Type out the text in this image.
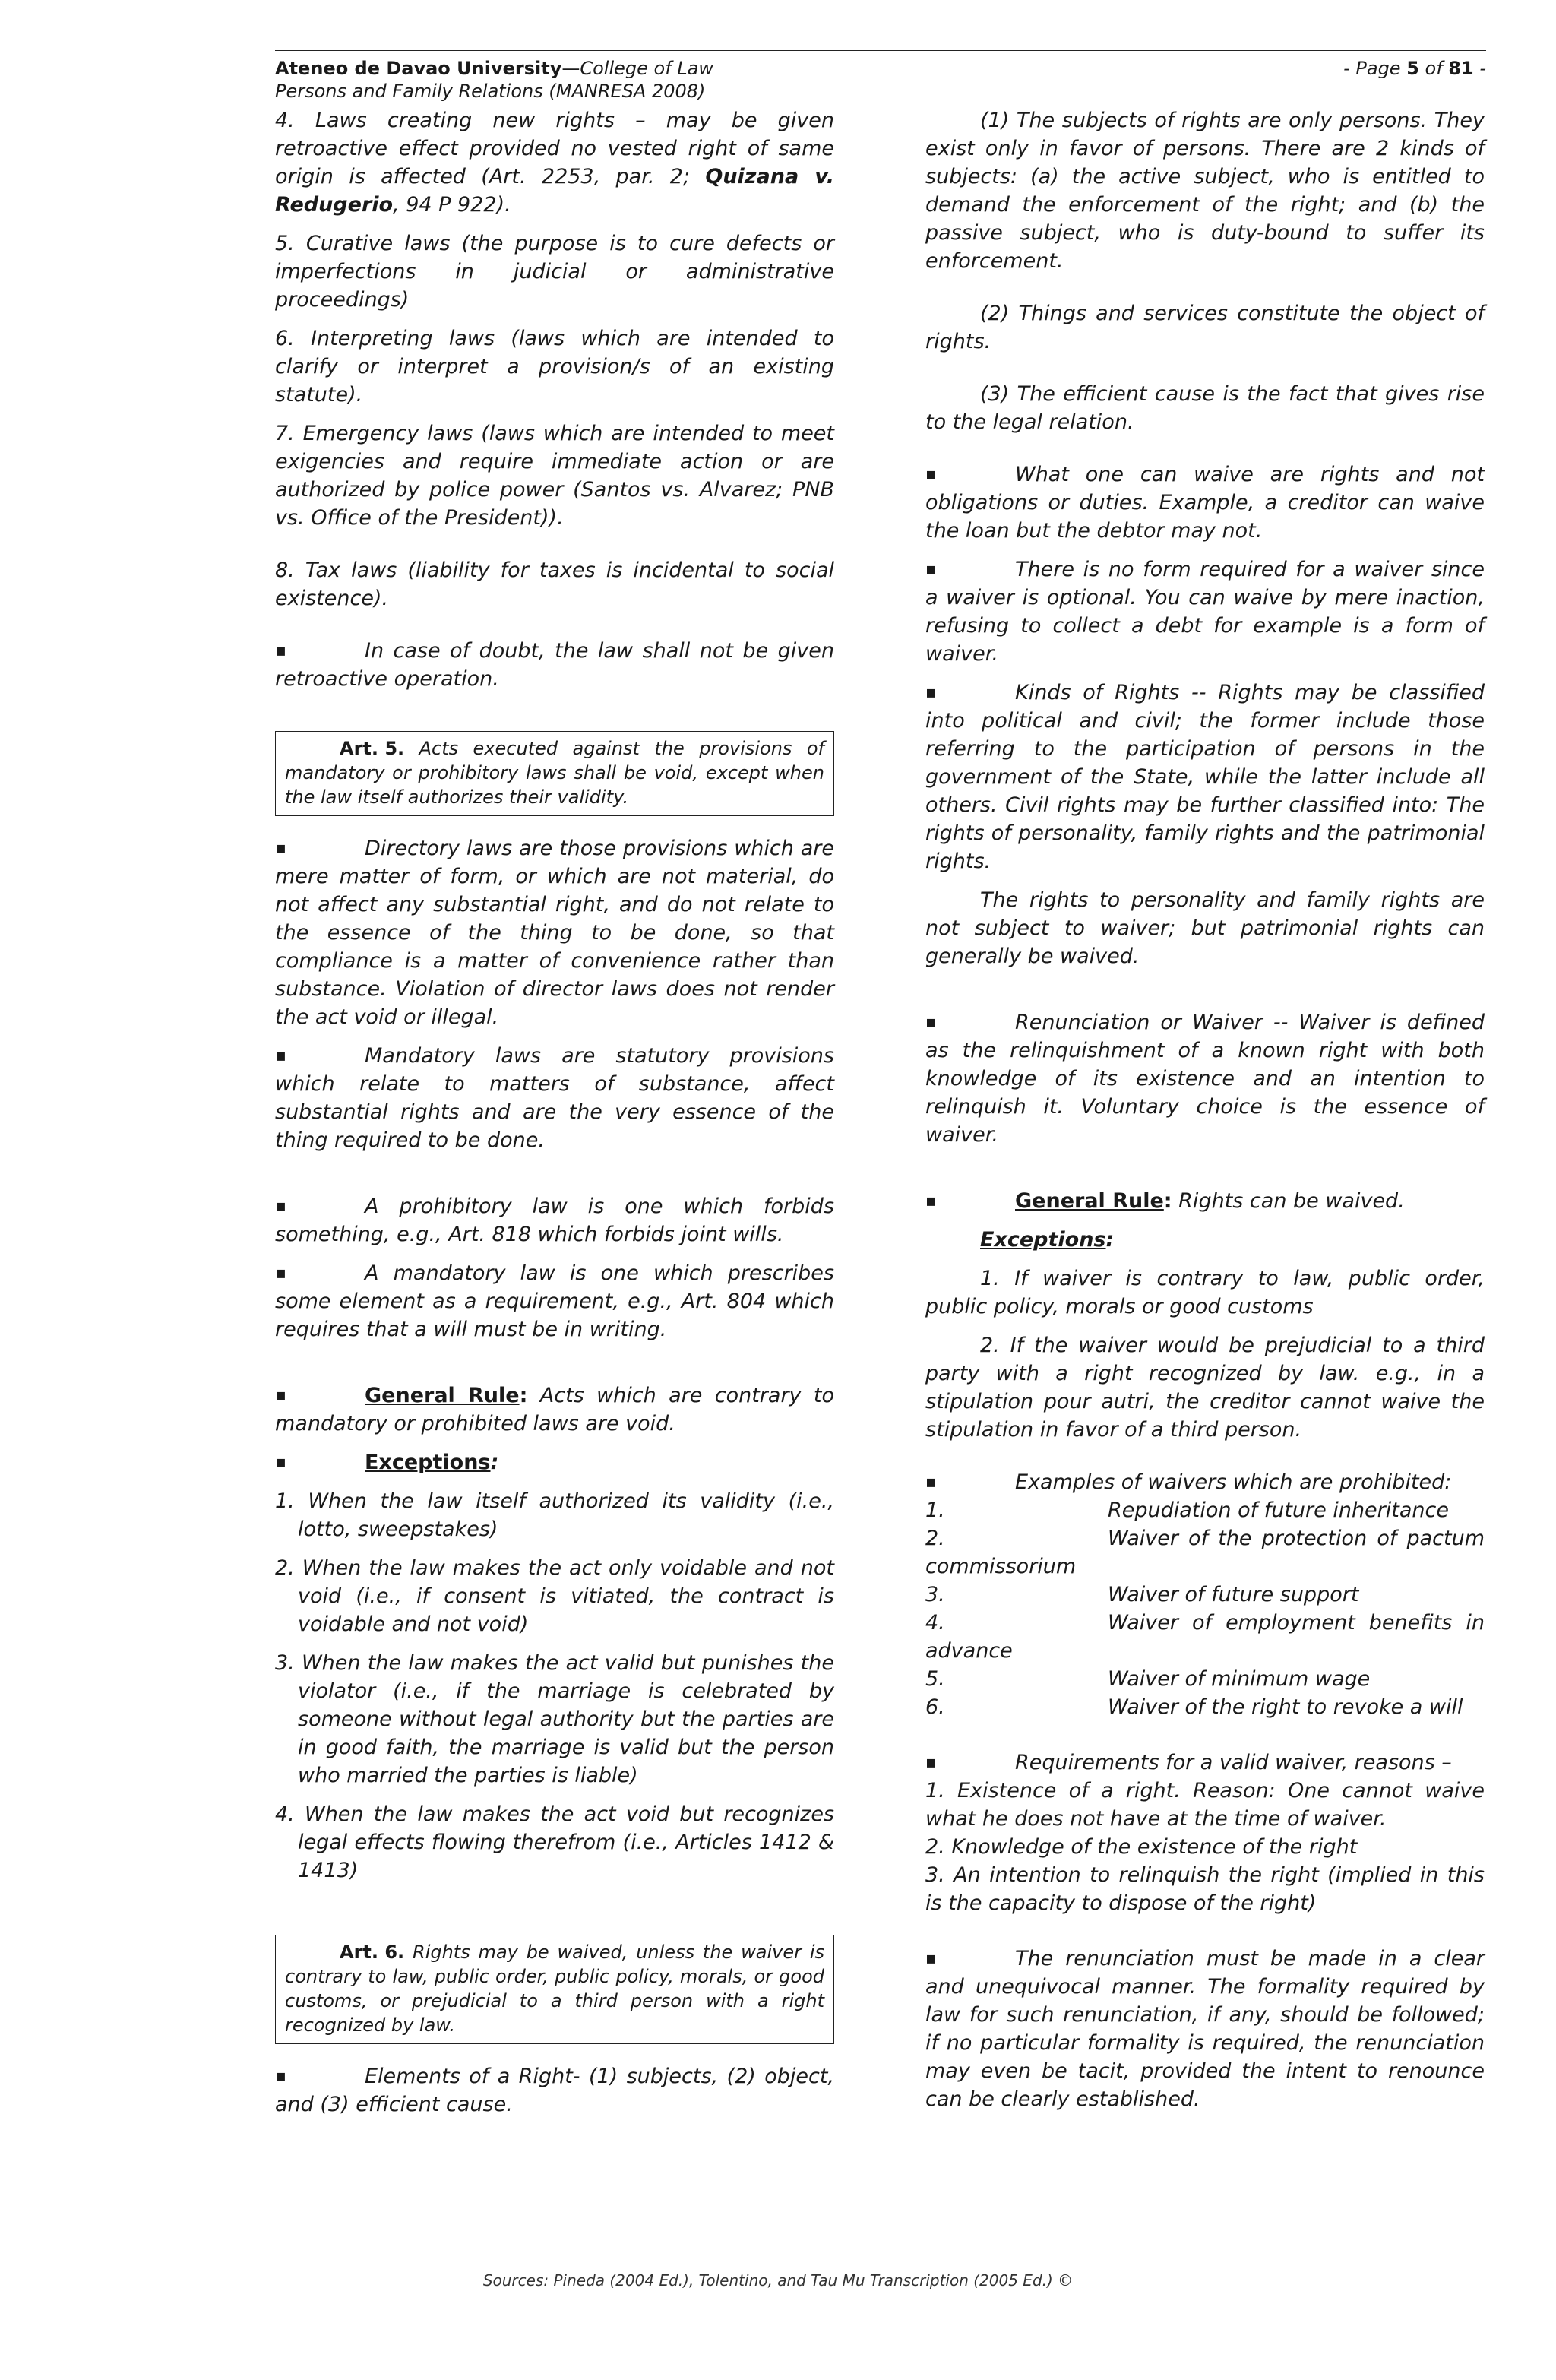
Ateneo de Davao University—College of Law	- Page 5 of 81 -
Persons and Family Relations (MANRESA 2008)

4. Laws creating new rights – may be given retroactive effect provided no vested right of same origin is affected (Art. 2253, par. 2; Quizana v. Redugerio, 94 P 922).

5. Curative laws (the purpose is to cure defects or imperfections in judicial or administrative proceedings)

6. Interpreting laws (laws which are intended to clarify or interpret a provision/s of an existing statute).

7. Emergency laws (laws which are intended to meet exigencies and require immediate action or are authorized by police power (Santos vs. Alvarez; PNB vs. Office of the President)).

8. Tax laws (liability for taxes is incidental to social existence).

▪	In case of doubt, the law shall not be given retroactive operation.

Art. 5. Acts executed against the provisions of mandatory or prohibitory laws shall be void, except when the law itself authorizes their validity.

▪	Directory laws are those provisions which are mere matter of form, or which are not material, do not affect any substantial right, and do not relate to the essence of the thing to be done, so that compliance is a matter of convenience rather than substance. Violation of director laws does not render the act void or illegal.

▪	Mandatory laws are statutory provisions which relate to matters of substance, affect substantial rights and are the very essence of the thing required to be done.

▪	A prohibitory law is one which forbids something, e.g., Art. 818 which forbids joint wills.

▪	A mandatory law is one which prescribes some element as a requirement, e.g., Art. 804 which requires that a will must be in writing.

▪	General Rule: Acts which are contrary to mandatory or prohibited laws are void.

▪	Exceptions:

1. When the law itself authorized its validity (i.e., lotto, sweepstakes)

2. When the law makes the act only voidable and not void (i.e., if consent is vitiated, the contract is voidable and not void)

3. When the law makes the act valid but punishes the violator (i.e., if the marriage is celebrated by someone without legal authority but the parties are in good faith, the marriage is valid but the person who married the parties is liable)

4. When the law makes the act void but recognizes legal effects flowing therefrom (i.e., Articles 1412 & 1413)

Art. 6. Rights may be waived, unless the waiver is contrary to law, public order, public policy, morals, or good customs, or prejudicial to a third person with a right recognized by law.

▪	Elements of a Right- (1) subjects, (2) object, and (3) efficient cause.

(1) The subjects of rights are only persons. They exist only in favor of persons. There are 2 kinds of subjects: (a) the active subject, who is entitled to demand the enforcement of the right; and (b) the passive subject, who is duty-bound to suffer its enforcement.

(2) Things and services constitute the object of rights.

(3) The efficient cause is the fact that gives rise to the legal relation.

▪	What one can waive are rights and not obligations or duties. Example, a creditor can waive the loan but the debtor may not.

▪	There is no form required for a waiver since a waiver is optional. You can waive by mere inaction, refusing to collect a debt for example is a form of waiver.

▪	Kinds of Rights -- Rights may be classified into political and civil; the former include those referring to the participation of persons in the government of the State, while the latter include all others. Civil rights may be further classified into: The rights of personality, family rights and the patrimonial rights.

The rights to personality and family rights are not subject to waiver; but patrimonial rights can generally be waived.

▪	Renunciation or Waiver -- Waiver is defined as the relinquishment of a known right with both knowledge of its existence and an intention to relinquish it. Voluntary choice is the essence of waiver.

▪	General Rule: Rights can be waived.

Exceptions:

1. If waiver is contrary to law, public order, public policy, morals or good customs

2. If the waiver would be prejudicial to a third party with a right recognized by law. e.g., in a stipulation pour autri, the creditor cannot waive the stipulation in favor of a third person.

▪	Examples of waivers which are prohibited:

1.	Repudiation of future inheritance

2.	Waiver of the protection of pactum commissorium

3.	Waiver of future support

4.	Waiver of employment benefits in advance

5.	Waiver of minimum wage

6.	Waiver of the right to revoke a will

▪	Requirements for a valid waiver, reasons –

1. Existence of a right. Reason: One cannot waive what he does not have at the time of waiver.

2. Knowledge of the existence of the right

3. An intention to relinquish the right (implied in this is the capacity to dispose of the right)

▪	The renunciation must be made in a clear and unequivocal manner. The formality required by law for such renunciation, if any, should be followed; if no particular formality is required, the renunciation may even be tacit, provided the intent to renounce can be clearly established.

Sources: Pineda (2004 Ed.), Tolentino, and Tau Mu Transcription (2005 Ed.) ©
